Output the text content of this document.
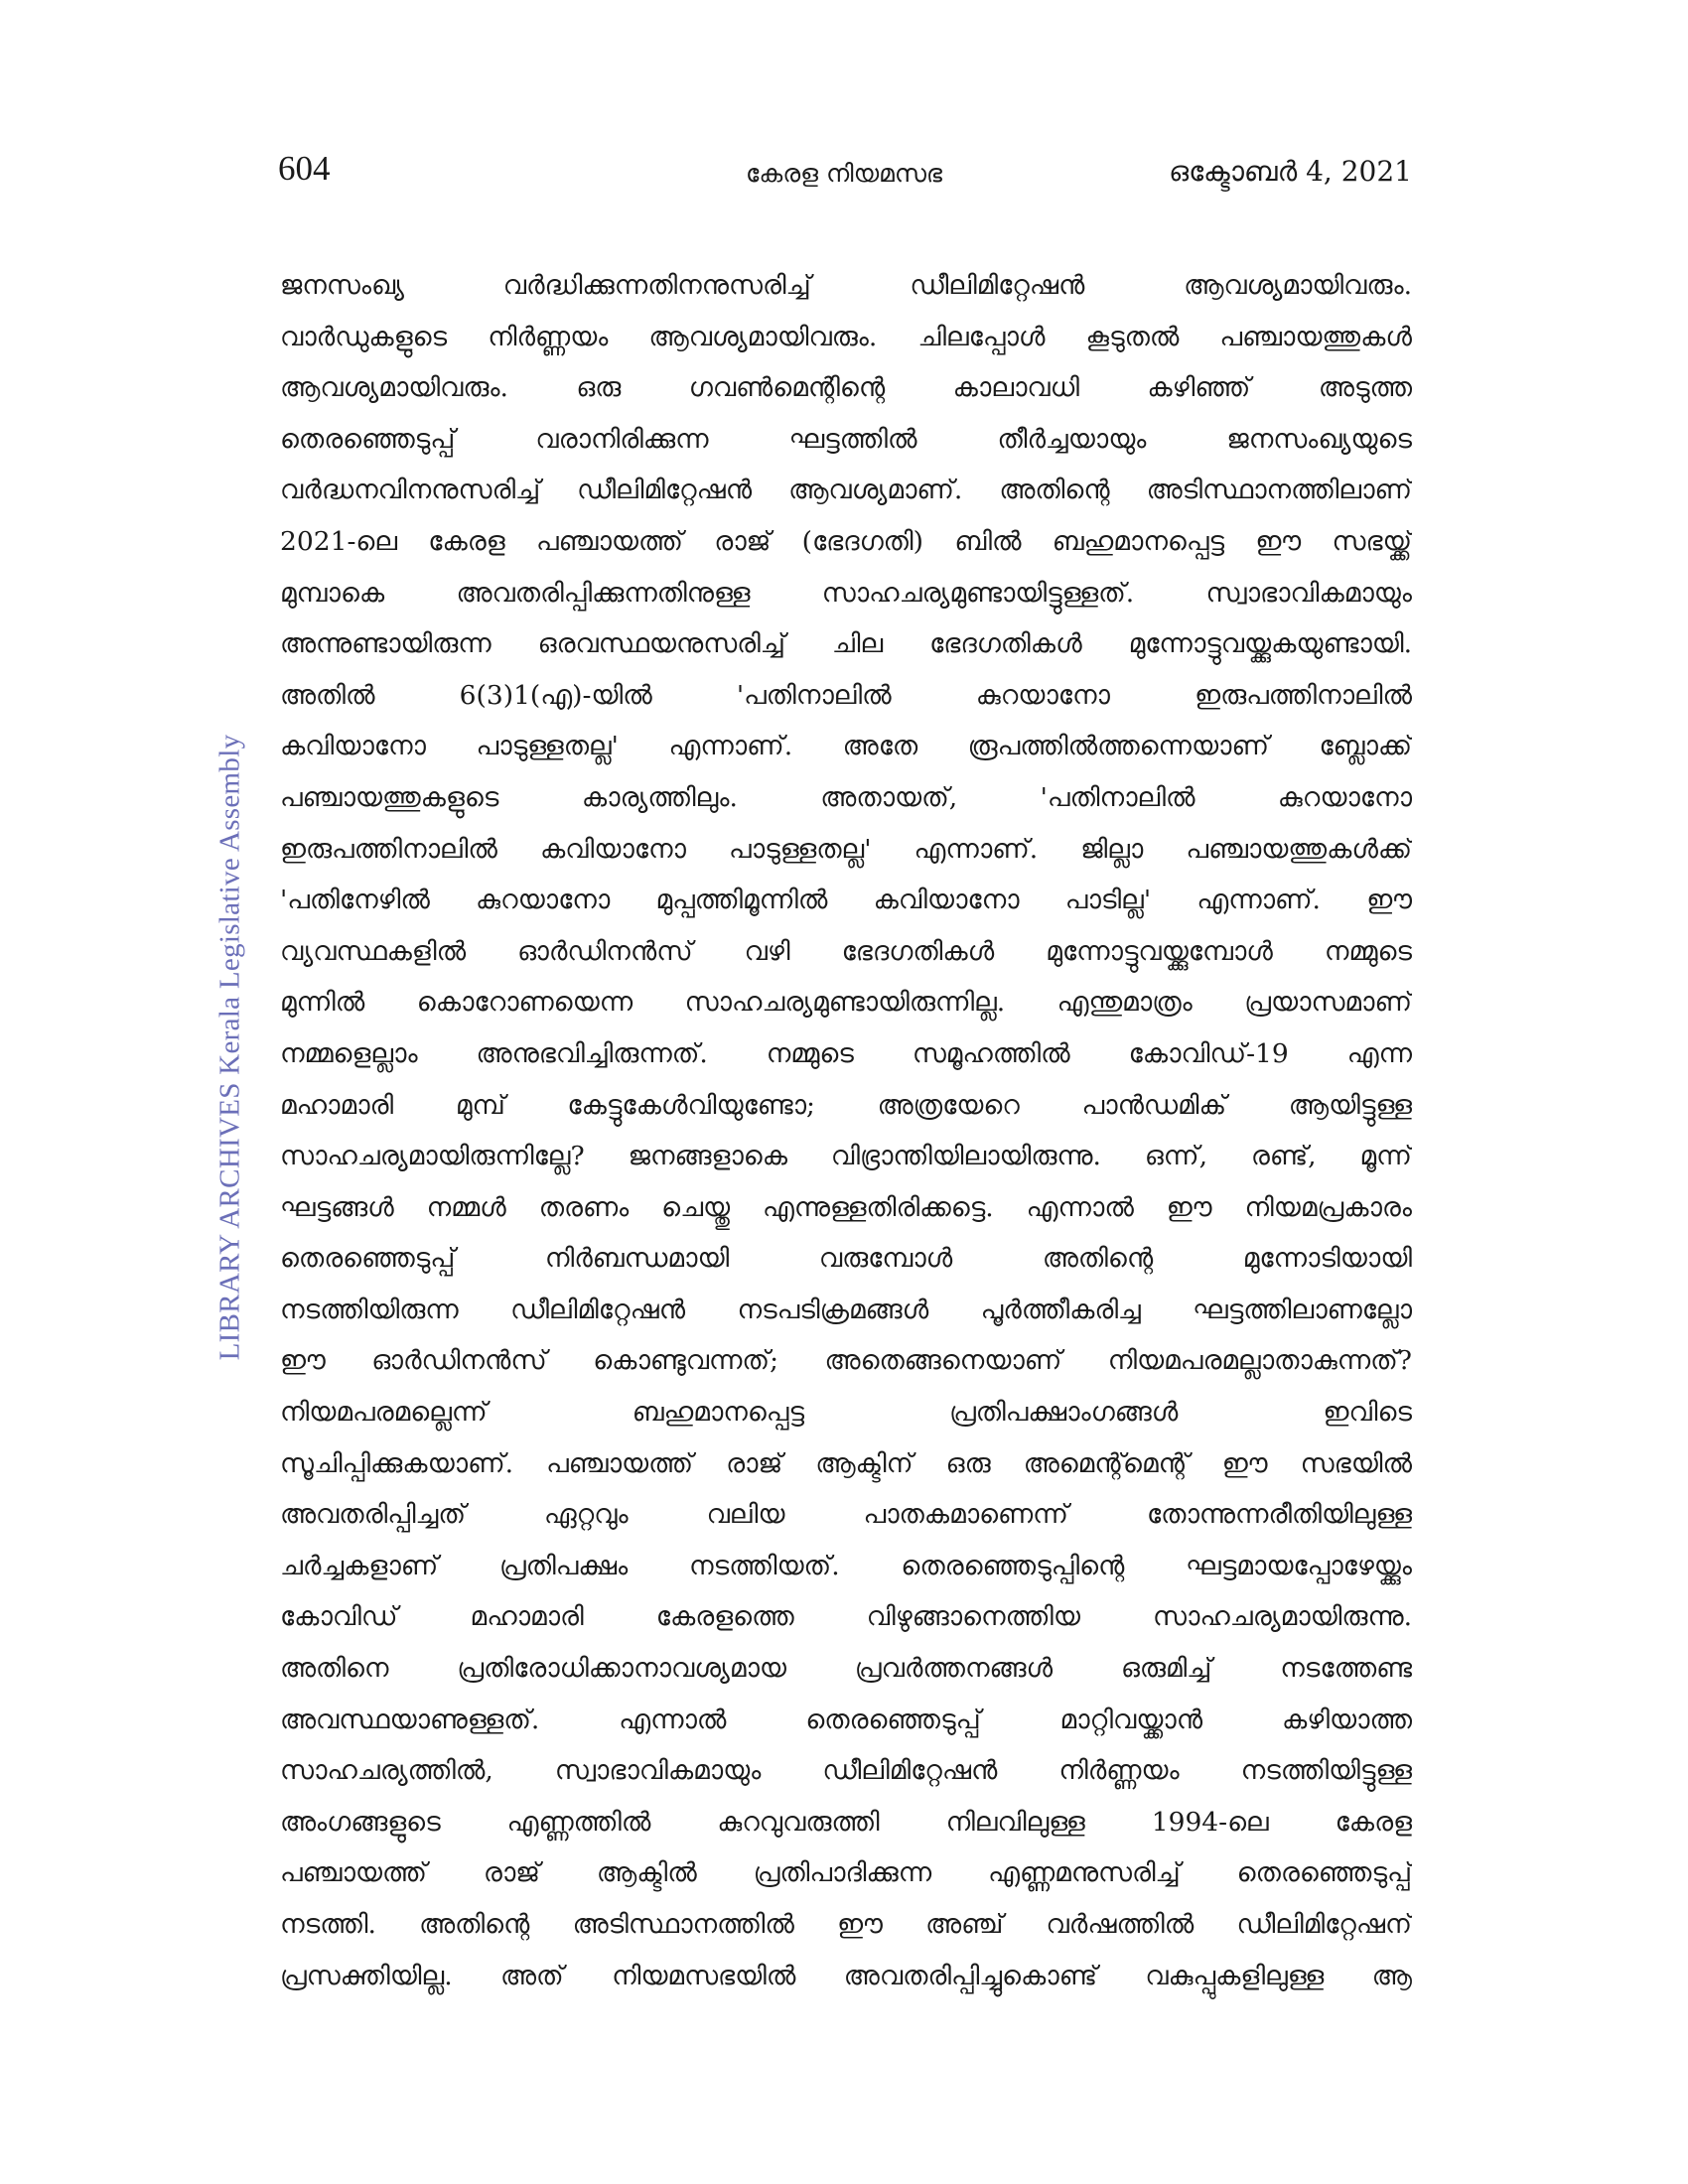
604	കേരള നിയമസഭ	ഒക്ടോബർ 4, 2021
LIBRARY ARCHIVES Kerala Legislative Assembly
ജനസംഖ്യ വർദ്ധിക്കുന്നതിനനുസരിച്ച് ഡീലിമിറ്റേഷൻ ആവശ്യമായിവരും.
വാർഡുകളുടെ നിർണ്ണയം ആവശ്യമായിവരും. ചിലപ്പോൾ കൂടുതൽ പഞ്ചായത്തുകൾ
ആവശ്യമായിവരും. ഒരു ഗവൺമെന്റിന്റെ കാലാവധി കഴിഞ്ഞ് അടുത്ത
തെരഞ്ഞെടുപ്പ് വരാനിരിക്കുന്ന ഘട്ടത്തിൽ തീർച്ചയായും ജനസംഖ്യയുടെ
വർദ്ധനവിനനുസരിച്ച് ഡീലിമിറ്റേഷൻ ആവശ്യമാണ്. അതിന്റെ അടിസ്ഥാനത്തിലാണ്
2021-ലെ കേരള പഞ്ചായത്ത് രാജ് (ഭേദഗതി) ബിൽ ബഹുമാനപ്പെട്ട ഈ സഭയ്ക്ക്
മുമ്പാകെ അവതരിപ്പിക്കുന്നതിനുള്ള സാഹചര്യമുണ്ടായിട്ടുള്ളത്. സ്വാഭാവികമായും
അന്നുണ്ടായിരുന്ന ഒരവസ്ഥയനുസരിച്ച് ചില ഭേദഗതികൾ മുന്നോട്ടുവയ്ക്കുകയുണ്ടായി.
അതിൽ 6(3)1(എ)-യിൽ 'പതിനാലിൽ കുറയാനോ ഇരുപത്തിനാലിൽ
കവിയാനോ പാടുള്ളതല്ല' എന്നാണ്. അതേ രൂപത്തിൽത്തന്നെയാണ് ബ്ലോക്ക്
പഞ്ചായത്തുകളുടെ കാര്യത്തിലും. അതായത്, 'പതിനാലിൽ കുറയാനോ
ഇരുപത്തിനാലിൽ കവിയാനോ പാടുള്ളതല്ല' എന്നാണ്. ജില്ലാ പഞ്ചായത്തുകൾക്ക്
'പതിനേഴിൽ കുറയാനോ മുപ്പത്തിമൂന്നിൽ കവിയാനോ പാടില്ല' എന്നാണ്. ഈ
വ്യവസ്ഥകളിൽ ഓർഡിനൻസ് വഴി ഭേദഗതികൾ മുന്നോട്ടുവയ്ക്കുമ്പോൾ നമ്മുടെ
മുന്നിൽ കൊറോണയെന്ന സാഹചര്യമുണ്ടായിരുന്നില്ല. എന്തുമാത്രം പ്രയാസമാണ്
നമ്മളെല്ലാം അനുഭവിച്ചിരുന്നത്. നമ്മുടെ സമൂഹത്തിൽ കോവിഡ്-19 എന്ന
മഹാമാരി മുമ്പ് കേട്ടുകേൾവിയുണ്ടോ; അത്രയേറെ പാൻഡമിക് ആയിട്ടുള്ള
സാഹചര്യമായിരുന്നില്ലേ? ജനങ്ങളാകെ വിഭ്രാന്തിയിലായിരുന്നു. ഒന്ന്, രണ്ട്, മൂന്ന്
ഘട്ടങ്ങൾ നമ്മൾ തരണം ചെയ്തു എന്നുള്ളതിരിക്കട്ടെ. എന്നാൽ ഈ നിയമപ്രകാരം
തെരഞ്ഞെടുപ്പ് നിർബന്ധമായി വരുമ്പോൾ അതിന്റെ മുന്നോടിയായി
നടത്തിയിരുന്ന ഡീലിമിറ്റേഷൻ നടപടിക്രമങ്ങൾ പൂർത്തീകരിച്ച ഘട്ടത്തിലാണല്ലോ
ഈ ഓർഡിനൻസ് കൊണ്ടുവന്നത്; അതെങ്ങനെയാണ് നിയമപരമല്ലാതാകുന്നത്?
നിയമപരമല്ലെന്ന് ബഹുമാനപ്പെട്ട പ്രതിപക്ഷാംഗങ്ങൾ ഇവിടെ
സൂചിപ്പിക്കുകയാണ്. പഞ്ചായത്ത് രാജ് ആക്ടിന് ഒരു അമെന്റ്മെന്റ് ഈ സഭയിൽ
അവതരിപ്പിച്ചത് ഏറ്റവും വലിയ പാതകമാണെന്ന് തോന്നുന്നരീതിയിലുള്ള
ചർച്ചകളാണ് പ്രതിപക്ഷം നടത്തിയത്. തെരഞ്ഞെടുപ്പിന്റെ ഘട്ടമായപ്പോഴേയ്ക്കും
കോവിഡ് മഹാമാരി കേരളത്തെ വിഴുങ്ങാനെത്തിയ സാഹചര്യമായിരുന്നു.
അതിനെ പ്രതിരോധിക്കാനാവശ്യമായ പ്രവർത്തനങ്ങൾ ഒരുമിച്ച് നടത്തേണ്ട
അവസ്ഥയാണുള്ളത്. എന്നാൽ തെരഞ്ഞെടുപ്പ് മാറ്റിവയ്ക്കാൻ കഴിയാത്ത
സാഹചര്യത്തിൽ, സ്വാഭാവികമായും ഡീലിമിറ്റേഷൻ നിർണ്ണയം നടത്തിയിട്ടുള്ള
അംഗങ്ങളുടെ എണ്ണത്തിൽ കുറവുവരുത്തി നിലവിലുള്ള 1994-ലെ കേരള
പഞ്ചായത്ത് രാജ് ആക്ടിൽ പ്രതിപാദിക്കുന്ന എണ്ണമനുസരിച്ച് തെരഞ്ഞെടുപ്പ്
നടത്തി. അതിന്റെ അടിസ്ഥാനത്തിൽ ഈ അഞ്ച് വർഷത്തിൽ ഡീലിമിറ്റേഷന്
പ്രസക്തിയില്ല. അത് നിയമസഭയിൽ അവതരിപ്പിച്ചുകൊണ്ട് വകുപ്പുകളിലുള്ള ആ
